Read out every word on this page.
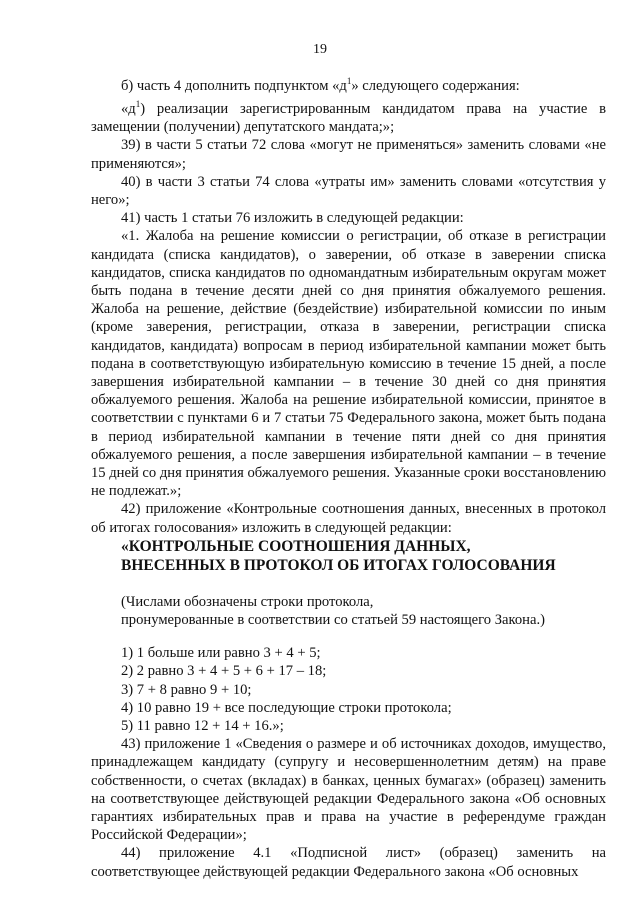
19

б) часть 4 дополнить подпунктом «$д^1$» следующего содержания:

«$д^1$) реализации зарегистрированным кандидатом права на участие в замещении (получении) депутатского мандата;»;

39) в части 5 статьи 72 слова «могут не применяться» заменить словами «не применяются»;

40) в части 3 статьи 74 слова «утраты им» заменить словами «отсутствия у него»;

41) часть 1 статьи 76 изложить в следующей редакции:

«1. Жалоба на решение комиссии о регистрации, об отказе в регистрации кандидата (списка кандидатов), о заверении, об отказе в заверении списка кандидатов, списка кандидатов по одномандатным избирательным округам может быть подана в течение десяти дней со дня принятия обжалуемого решения. Жалоба на решение, действие (бездействие) избирательной комиссии по иным (кроме заверения, регистрации, отказа в заверении, регистрации списка кандидатов, кандидата) вопросам в период избирательной кампании может быть подана в соответствующую избирательную комиссию в течение 15 дней, а после завершения избирательной кампании – в течение 30 дней со дня принятия обжалуемого решения. Жалоба на решение избирательной комиссии, принятое в соответствии с пунктами 6 и 7 статьи 75 Федерального закона, может быть подана в период избирательной кампании в течение пяти дней со дня принятия обжалуемого решения, а после завершения избирательной кампании – в течение 15 дней со дня принятия обжалуемого решения. Указанные сроки восстановлению не подлежат.»;

42) приложение «Контрольные соотношения данных, внесенных в протокол об итогах голосования» изложить в следующей редакции:

«КОНТРОЛЬНЫЕ СООТНОШЕНИЯ ДАННЫХ,

ВНЕСЕННЫХ В ПРОТОКОЛ ОБ ИТОГАХ ГОЛОСОВАНИЯ

(Числами обозначены строки протокола,

пронумерованные в соответствии со статьей 59 настоящего Закона.)

1) 1 больше или равно 3 + 4 + 5;

2) 2 равно 3 + 4 + 5 + 6 + 17 – 18;

3) 7 + 8 равно 9 + 10;

4) 10 равно 19 + все последующие строки протокола;

5) 11 равно 12 + 14 + 16.»;

43) приложение 1 «Сведения о размере и об источниках доходов, имущество, принадлежащем кандидату (супругу и несовершеннолетним детям) на праве собственности, о счетах (вкладах) в банках, ценных бумагах» (образец) заменить на соответствующее действующей редакции Федерального закона «Об основных гарантиях избирательных прав и права на участие в референдуме граждан Российской Федерации»;

44) приложение 4.1 «Подписной лист» (образец) заменить на соответствующее действующей редакции Федерального закона «Об основных
